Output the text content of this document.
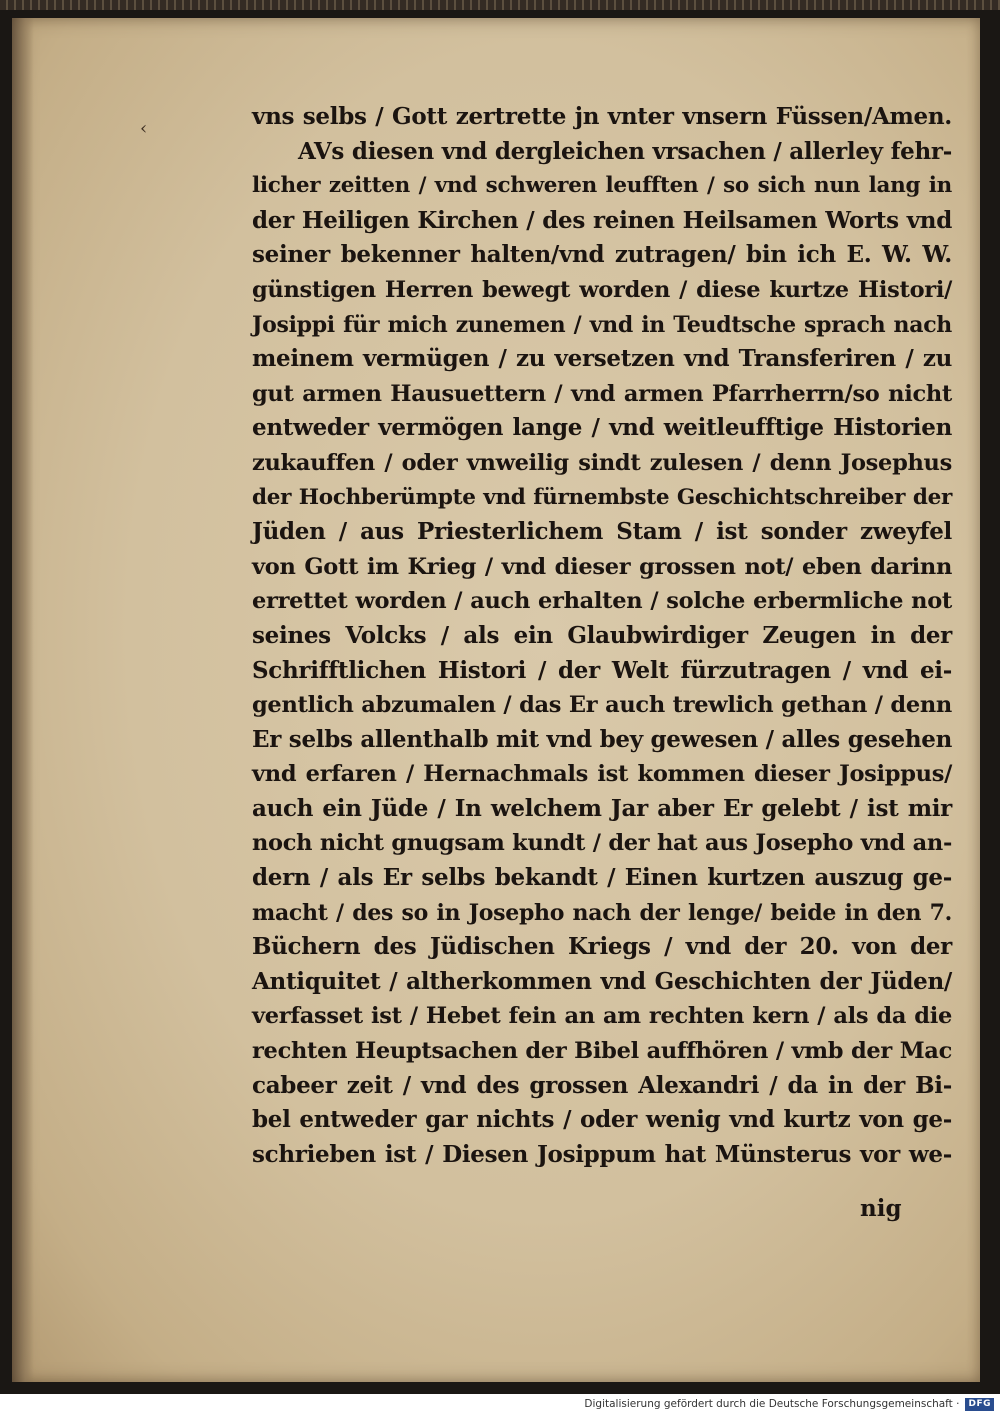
‹	vns selbs / Gott zertrette jn vnter vnsern Füssen/Amen.
AVs diesen vnd dergleichen vrsachen / allerley fehr-
licher zeitten / vnd schweren leufften / so sich nun lang in
der Heiligen Kirchen / des reinen Heilsamen Worts vnd
seiner bekenner halten/vnd zutragen/ bin ich E. W. W.
günstigen Herren bewegt worden / diese kurtze Histori/
Josippi für mich zunemen / vnd in Teudtsche sprach nach
meinem vermügen / zu versetzen vnd Transferiren / zu
gut armen Hausuettern / vnd armen Pfarrherrn/so nicht
entweder vermögen lange / vnd weitleufftige Historien
zukauffen / oder vnweilig sindt zulesen / denn Josephus
der Hochberümpte vnd fürnembste Geschichtschreiber der
Jüden / aus Priesterlichem Stam / ist sonder zweyfel
von Gott im Krieg / vnd dieser grossen not/ eben darinn
errettet worden / auch erhalten / solche erbermliche not
seines Volcks / als ein Glaubwirdiger Zeugen in der
Schrifftlichen Histori / der Welt fürzutragen / vnd ei-
gentlich abzumalen / das Er auch trewlich gethan / denn
Er selbs allenthalb mit vnd bey gewesen / alles gesehen
vnd erfaren / Hernachmals ist kommen dieser Josippus/
auch ein Jüde / In welchem Jar aber Er gelebt / ist mir
noch nicht gnugsam kundt / der hat aus Josepho vnd an-
dern / als Er selbs bekandt / Einen kurtzen auszug ge-
macht / des so in Josepho nach der lenge/ beide in den 7.
Büchern des Jüdischen Kriegs / vnd der 20. von der
Antiquitet / altherkommen vnd Geschichten der Jüden/
verfasset ist / Hebet fein an am rechten kern / als da die
rechten Heuptsachen der Bibel auffhören / vmb der Mac
cabeer zeit / vnd des grossen Alexandri / da in der Bi-
bel entweder gar nichts / oder wenig vnd kurtz von ge-
schrieben ist / Diesen Josippum hat Münsterus vor we-
nig
Digitalisierung gefördert durch die Deutsche Forschungsgemeinschaft ·	DFG
